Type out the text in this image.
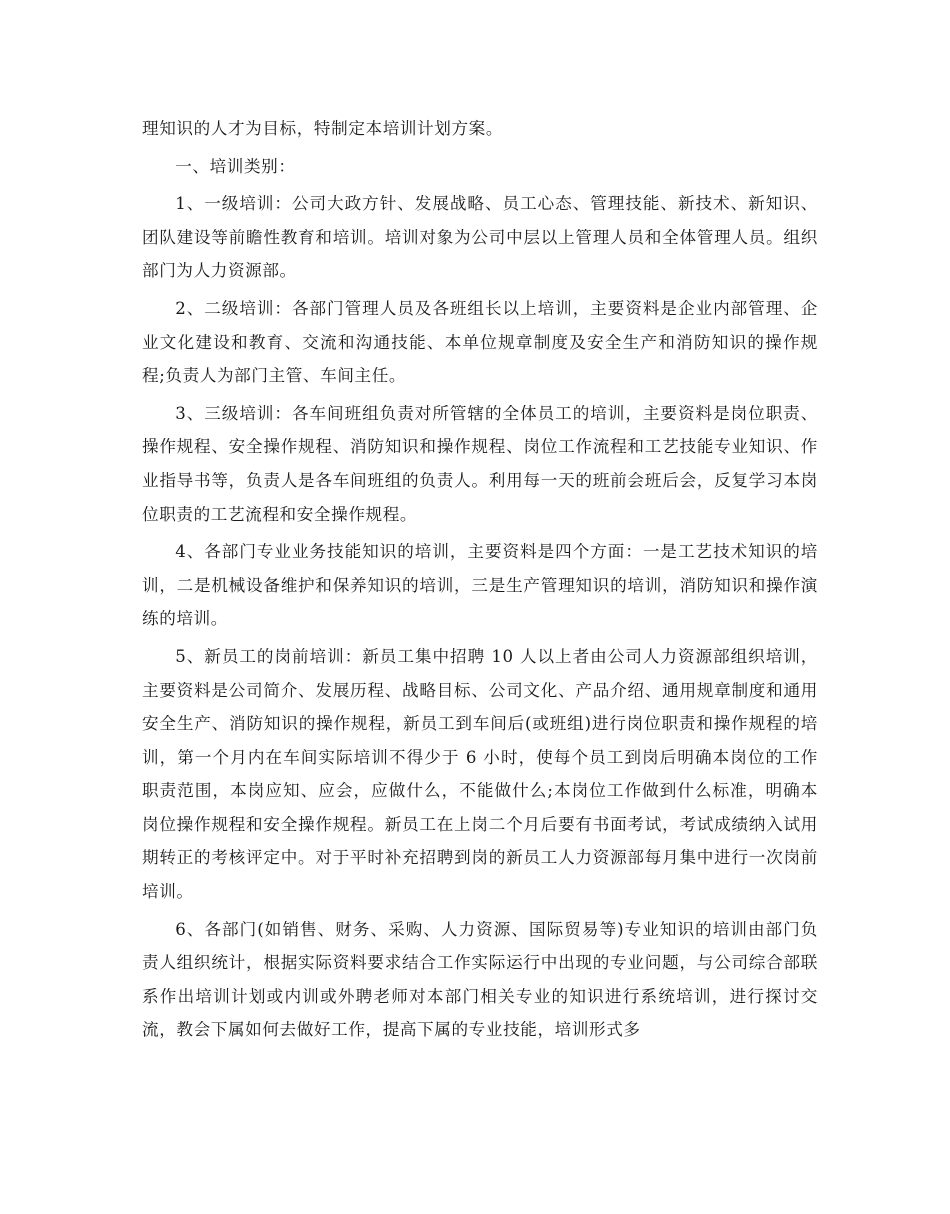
理知识的人才为目标，特制定本培训计划方案。

一、培训类别：

1、一级培训：公司大政方针、发展战略、员工心态、管理技能、新技术、新知识、团队建设等前瞻性教育和培训。培训对象为公司中层以上管理人员和全体管理人员。组织部门为人力资源部。

2、二级培训：各部门管理人员及各班组长以上培训，主要资料是企业内部管理、企业文化建设和教育、交流和沟通技能、本单位规章制度及安全生产和消防知识的操作规程;负责人为部门主管、车间主任。

3、三级培训：各车间班组负责对所管辖的全体员工的培训，主要资料是岗位职责、操作规程、安全操作规程、消防知识和操作规程、岗位工作流程和工艺技能专业知识、作业指导书等，负责人是各车间班组的负责人。利用每一天的班前会班后会，反复学习本岗位职责的工艺流程和安全操作规程。

4、各部门专业业务技能知识的培训，主要资料是四个方面：一是工艺技术知识的培训，二是机械设备维护和保养知识的培训，三是生产管理知识的培训，消防知识和操作演练的培训。

5、新员工的岗前培训：新员工集中招聘 10 人以上者由公司人力资源部组织培训，主要资料是公司简介、发展历程、战略目标、公司文化、产品介绍、通用规章制度和通用安全生产、消防知识的操作规程，新员工到车间后(或班组)进行岗位职责和操作规程的培训，第一个月内在车间实际培训不得少于 6 小时，使每个员工到岗后明确本岗位的工作职责范围，本岗应知、应会，应做什么，不能做什么;本岗位工作做到什么标准，明确本岗位操作规程和安全操作规程。新员工在上岗二个月后要有书面考试，考试成绩纳入试用期转正的考核评定中。对于平时补充招聘到岗的新员工人力资源部每月集中进行一次岗前培训。

6、各部门(如销售、财务、采购、人力资源、国际贸易等)专业知识的培训由部门负责人组织统计，根据实际资料要求结合工作实际运行中出现的专业问题，与公司综合部联系作出培训计划或内训或外聘老师对本部门相关专业的知识进行系统培训，进行探讨交流，教会下属如何去做好工作，提高下属的专业技能，培训形式多
